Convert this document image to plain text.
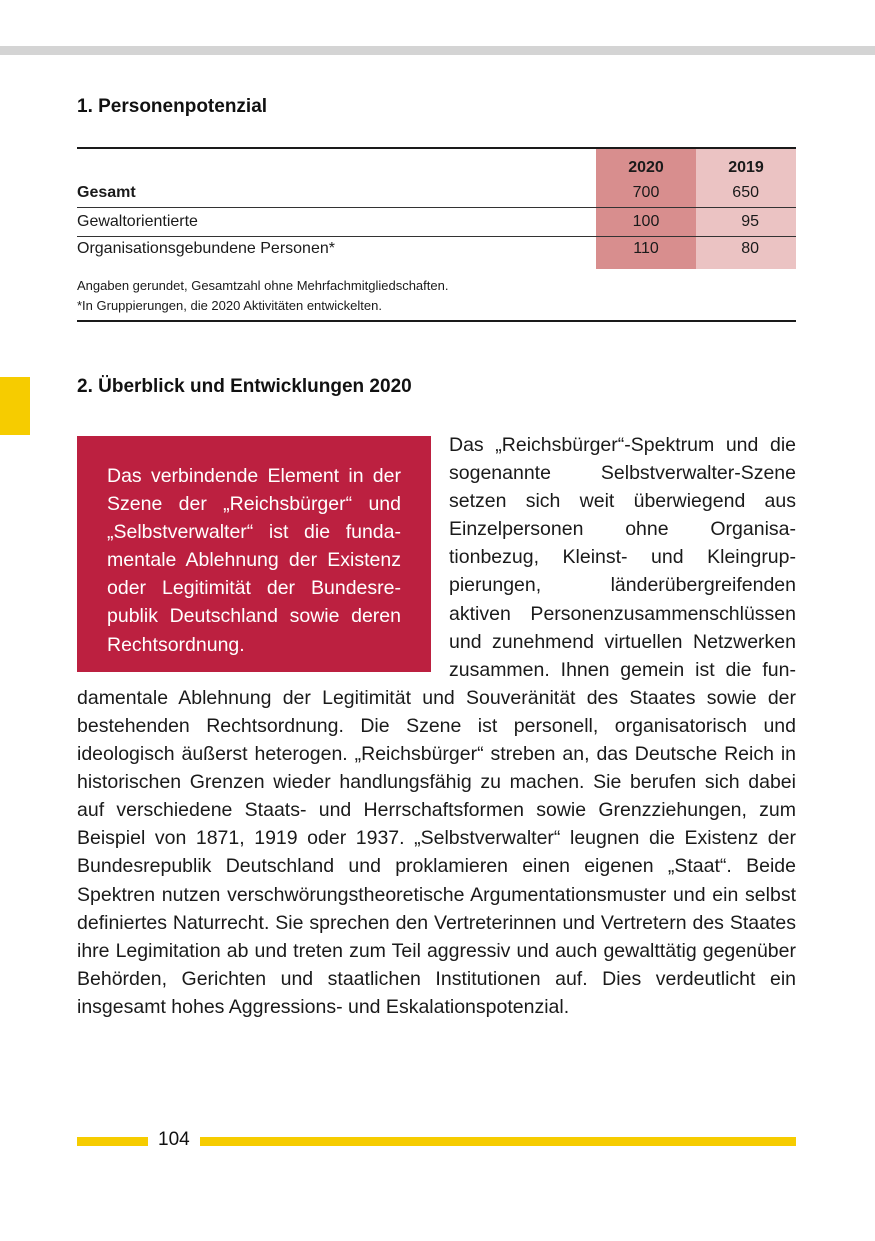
1. Personenpotenzial
	2020	2019
Gesamt	700	650
Gewaltorientierte	100	95
Organisationsgebundene Personen*	110	80
Angaben gerundet, Gesamtzahl ohne Mehrfachmitgliedschaften.
*In Gruppierungen, die 2020 Aktivitäten entwickelten.
2. Überblick und Entwicklungen 2020
Das verbindende Element in der Szene der „Reichsbürger“ und „Selbstverwalter“ ist die fundamentale Ablehnung der Existenz oder Legitimität der Bundesrepublik Deutschland sowie deren Rechtsordnung.

Das „Reichsbürger“-Spektrum und die sogenannte Selbstverwalter-Szene setzen sich weit überwiegend aus Einzelpersonen ohne Organisationbezug, Kleinst- und Kleingruppierungen, länderübergreifenden aktiven Personenzusammenschlüssen und zunehmend virtuellen Netzwerken zusammen. Ihnen gemein ist die fundamentale Ablehnung der Legitimität und Souveränität des Staates sowie der bestehenden Rechtsordnung. Die Szene ist personell, organisatorisch und ideologisch äußerst heterogen. „Reichsbürger“ streben an, das Deutsche Reich in historischen Grenzen wieder handlungsfähig zu machen. Sie berufen sich dabei auf verschiedene Staats- und Herrschaftsformen sowie Grenzziehungen, zum Beispiel von 1871, 1919 oder 1937. „Selbstverwalter“ leugnen die Existenz der Bundesrepublik Deutschland und proklamieren einen eigenen „Staat“. Beide Spektren nutzen verschwörungstheoretische Argumentationsmuster und ein selbst definiertes Naturrecht. Sie sprechen den Vertreterinnen und Vertretern des Staates ihre Legimitation ab und treten zum Teil aggressiv und auch gewalttätig gegenüber Behörden, Gerichten und staatlichen Institutionen auf. Dies verdeutlicht ein insgesamt hohes Aggressions- und Eskalationspotenzial.

104
